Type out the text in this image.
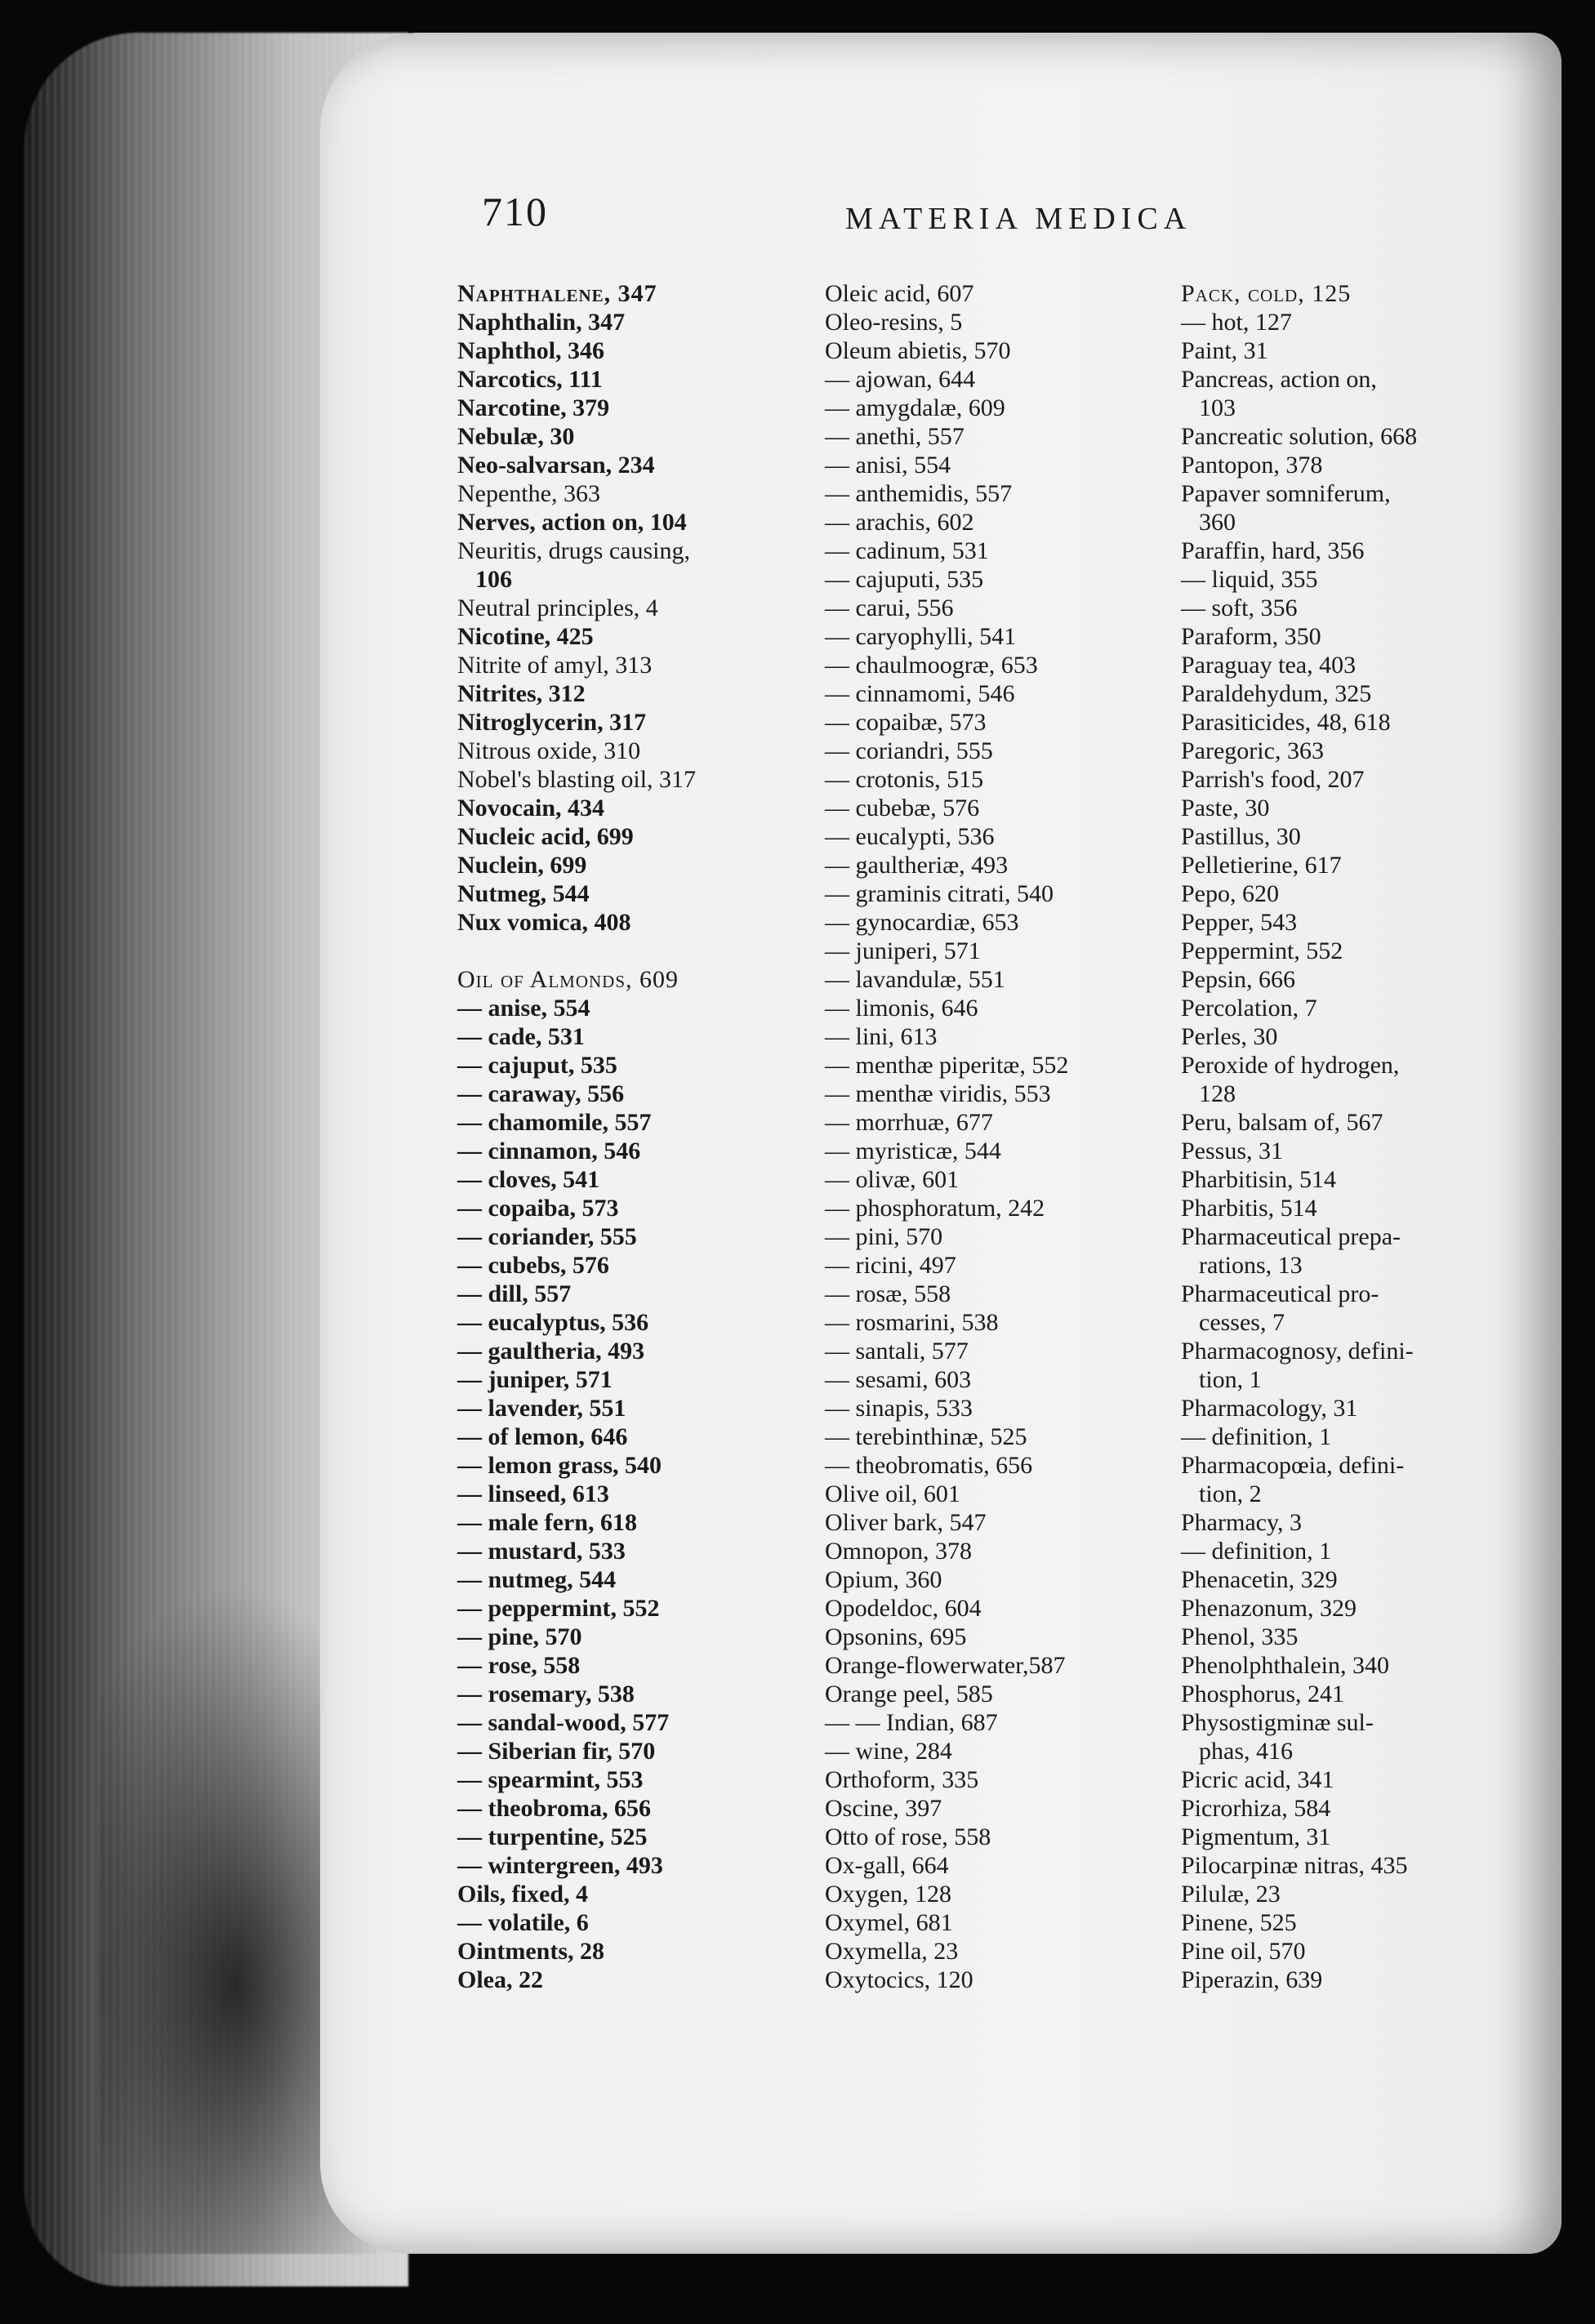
710	MATERIA MEDICA
Naphthalene, 347
Naphthalin, 347
Naphthol, 346
Narcotics, 111
Narcotine, 379
Nebulæ, 30
Neo-salvarsan, 234
Nepenthe, 363
Nerves, action on, 104
Neuritis, drugs causing,
106
Neutral principles, 4
Nicotine, 425
Nitrite of amyl, 313
Nitrites, 312
Nitroglycerin, 317
Nitrous oxide, 310
Nobel's blasting oil, 317
Novocain, 434
Nucleic acid, 699
Nuclein, 699
Nutmeg, 544
Nux vomica, 408
Oil of Almonds, 609
— anise, 554
— cade, 531
— cajuput, 535
— caraway, 556
— chamomile, 557
— cinnamon, 546
— cloves, 541
— copaiba, 573
— coriander, 555
— cubebs, 576
— dill, 557
— eucalyptus, 536
— gaultheria, 493
— juniper, 571
— lavender, 551
— of lemon, 646
— lemon grass, 540
— linseed, 613
— male fern, 618
— mustard, 533
— nutmeg, 544
— peppermint, 552
— pine, 570
— rose, 558
— rosemary, 538
— sandal-wood, 577
— Siberian fir, 570
— spearmint, 553
— theobroma, 656
— turpentine, 525
— wintergreen, 493
Oils, fixed, 4
— volatile, 6
Ointments, 28
Olea, 22
Oleic acid, 607
Oleo-resins, 5
Oleum abietis, 570
— ajowan, 644
— amygdalæ, 609
— anethi, 557
— anisi, 554
— anthemidis, 557
— arachis, 602
— cadinum, 531
— cajuputi, 535
— carui, 556
— caryophylli, 541
— chaulmoogræ, 653
— cinnamomi, 546
— copaibæ, 573
— coriandri, 555
— crotonis, 515
— cubebæ, 576
— eucalypti, 536
— gaultheriæ, 493
— graminis citrati, 540
— gynocardiæ, 653
— juniperi, 571
— lavandulæ, 551
— limonis, 646
— lini, 613
— menthæ piperitæ, 552
— menthæ viridis, 553
— morrhuæ, 677
— myristicæ, 544
— olivæ, 601
— phosphoratum, 242
— pini, 570
— ricini, 497
— rosæ, 558
— rosmarini, 538
— santali, 577
— sesami, 603
— sinapis, 533
— terebinthinæ, 525
— theobromatis, 656
Olive oil, 601
Oliver bark, 547
Omnopon, 378
Opium, 360
Opodeldoc, 604
Opsonins, 695
Orange-flowerwater,587
Orange peel, 585
— — Indian, 687
— wine, 284
Orthoform, 335
Oscine, 397
Otto of rose, 558
Ox-gall, 664
Oxygen, 128
Oxymel, 681
Oxymella, 23
Oxytocics, 120
Pack, cold, 125
— hot, 127
Paint, 31
Pancreas, action on,
103
Pancreatic solution, 668
Pantopon, 378
Papaver somniferum,
360
Paraffin, hard, 356
— liquid, 355
— soft, 356
Paraform, 350
Paraguay tea, 403
Paraldehydum, 325
Parasiticides, 48, 618
Paregoric, 363
Parrish's food, 207
Paste, 30
Pastillus, 30
Pelletierine, 617
Pepo, 620
Pepper, 543
Peppermint, 552
Pepsin, 666
Percolation, 7
Perles, 30
Peroxide of hydrogen,
128
Peru, balsam of, 567
Pessus, 31
Pharbitisin, 514
Pharbitis, 514
Pharmaceutical prepa-
rations, 13
Pharmaceutical pro-
cesses, 7
Pharmacognosy, defini-
tion, 1
Pharmacology, 31
— definition, 1
Pharmacopœia, defini-
tion, 2
Pharmacy, 3
— definition, 1
Phenacetin, 329
Phenazonum, 329
Phenol, 335
Phenolphthalein, 340
Phosphorus, 241
Physostigminæ sul-
phas, 416
Picric acid, 341
Picrorhiza, 584
Pigmentum, 31
Pilocarpinæ nitras, 435
Pilulæ, 23
Pinene, 525
Pine oil, 570
Piperazin, 639
